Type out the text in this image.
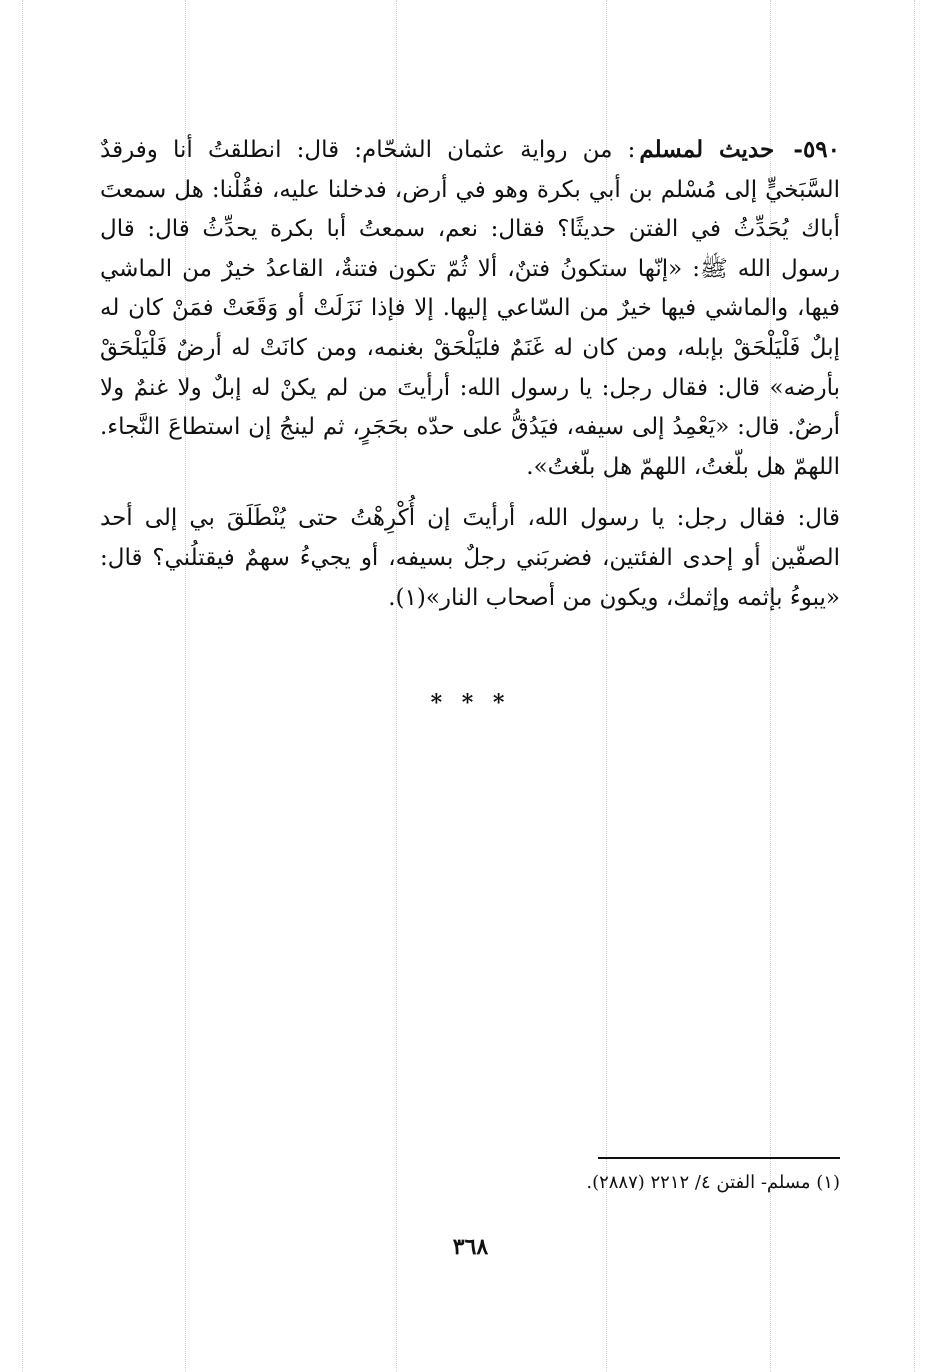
٥٩٠- حديث لمسلم: من رواية عثمان الشحّام: قال: انطلقتُ أنا وفرقدٌ السَّبَخيٍّ إلى مُسْلم بن أبي بكرة وهو في أرض، فدخلنا عليه، فقُلْنا: هل سمعتَ أباك يُحَدِّثُ في الفتن حديثًا؟ فقال: نعم، سمعتُ أبا بكرة يحدِّثُ قال: قال رسول الله ﷺ: «إنّها ستكونُ فتنٌ، ألا ثُمّ تكون فتنةٌ، القاعدُ خيرٌ من الماشي فيها، والماشي فيها خيرٌ من السّاعي إليها. إلا فإذا نَزَلَتْ أو وَقَعَتْ فمَنْ كان له إبلٌ فَلْيَلْحَقْ بإبله، ومن كان له غَنَمٌ فليَلْحَقْ بغنمه، ومن كانَتْ له أرضٌ فَلْيَلْحَقْ بأرضه» قال: فقال رجل: يا رسول الله: أرأيتَ من لم يكنْ له إبلٌ ولا غنمٌ ولا أرضٌ. قال: «يَعْمِدُ إلى سيفه، فيَدُقُّ على حدّه بحَجَرٍ، ثم لينجُ إن استطاعَ النَّجاء. اللهمّ هل بلّغتُ، اللهمّ هل بلّغتُ».

قال: فقال رجل: يا رسول الله، أرأيتَ إن أُكْرِهْتُ حتى يُنْطَلَقَ بي إلى أحد الصفّين أو إحدى الفئتين، فضربَني رجلٌ بسيفه، أو يجيءُ سهمٌ فيقتلُني؟ قال: «يبوءُ بإثمه وإثمك، ويكون من أصحاب النار»(١).

* * *
(١) مسلم- الفتن ٤/ ٢٢١٢ (٢٨٨٧).
٣٦٨
